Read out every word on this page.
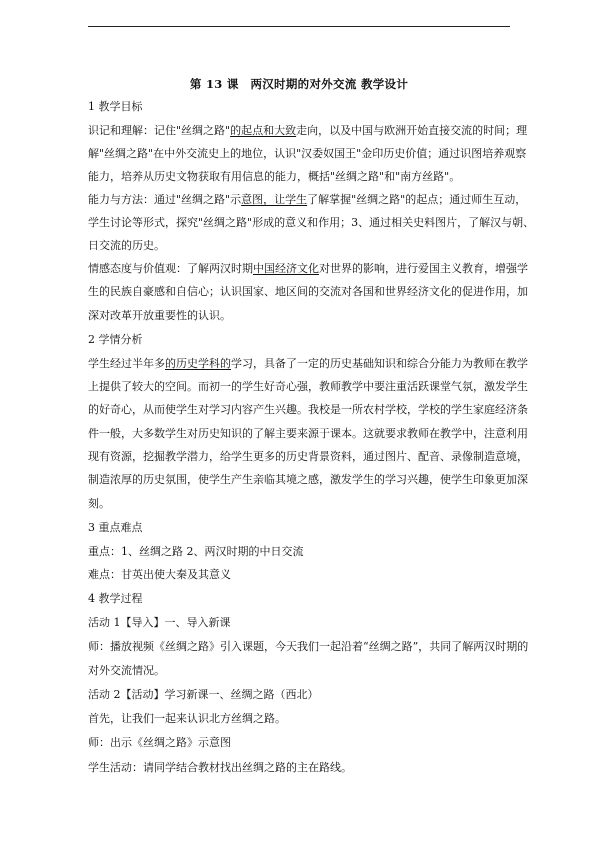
第 13 课　两汉时期的对外交流 教学设计
1 教学目标
识记和理解：记住"丝绸之路"的起点和大致走向，以及中国与欧洲开始直接交流的时间；理
解"丝绸之路"在中外交流史上的地位，认识"汉委奴国王"金印历史价值；通过识图培养观察
能力，培养从历史文物获取有用信息的能力，概括"丝绸之路"和"南方丝路"。
能力与方法：通过"丝绸之路"示意图，让学生了解掌握"丝绸之路"的起点；通过师生互动，
学生讨论等形式，探究"丝绸之路"形成的意义和作用；3、通过相关史料图片，了解汉与朝、
日交流的历史。
情感态度与价值观：了解两汉时期中国经济文化对世界的影响，进行爱国主义教育，增强学
生的民族自豪感和自信心；认识国家、地区间的交流对各国和世界经济文化的促进作用，加
深对改革开放重要性的认识。
2 学情分析
学生经过半年多的历史学科的学习，具备了一定的历史基础知识和综合分能力为教师在教学
上提供了较大的空间。而初一的学生好奇心强，教师教学中要注重活跃课堂气氛，激发学生
的好奇心，从而使学生对学习内容产生兴趣。我校是一所农村学校，学校的学生家庭经济条
件一般，大多数学生对历史知识的了解主要来源于课本。这就要求教师在教学中，注意利用
现有资源，挖掘教学潜力，给学生更多的历史背景资料，通过图片、配音、录像制造意境，
制造浓厚的历史氛围，使学生产生亲临其境之感，激发学生的学习兴趣，使学生印象更加深
刻。
3 重点难点
重点：1、丝绸之路 2、两汉时期的中日交流
难点：甘英出使大秦及其意义
4 教学过程
活动 1【导入】一、导入新课
师：播放视频《丝绸之路》引入课题，今天我们一起沿着“丝绸之路”，共同了解两汉时期的
对外交流情况。
活动 2【活动】学习新课一、丝绸之路（西北）
首先，让我们一起来认识北方丝绸之路。
师：出示《丝绸之路》示意图
学生活动：请同学结合教材找出丝绸之路的主在路线。
